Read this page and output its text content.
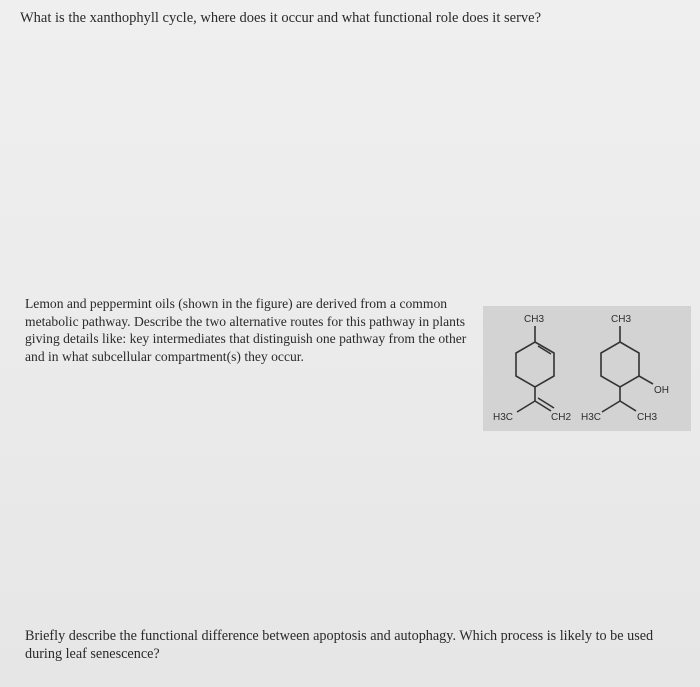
What is the xanthophyll cycle, where does it occur and what functional role does it serve?
Lemon and peppermint oils (shown in the figure) are derived from a common metabolic pathway. Describe the two alternative routes for this pathway in plants giving details like: key intermediates that distinguish one pathway from the other and in what subcellular compartment(s) they occur.
CH3
H3C	CH2
CH3
OH
H3C	CH3
Briefly describe the functional difference between apoptosis and autophagy. Which process is likely to be used during leaf senescence?
